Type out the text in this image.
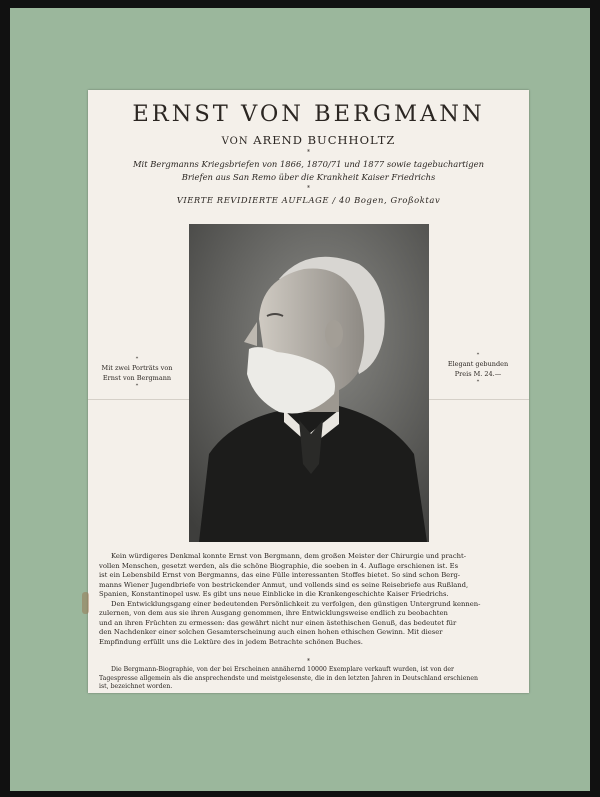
ERNST VON BERGMANN
VON AREND BUCHHOLTZ
*
Mit Bergmanns Kriegsbriefen von 1866, 1870/71 und 1877 sowie tagebuchartigen
Briefen aus San Remo über die Krankheit Kaiser Friedrichs
*
VIERTE REVIDIERTE AUFLAGE / 40 Bogen, Großoktav
*
Mit zwei Porträts von
Ernst von Bergmann
*
*
Elegant gebunden
Preis M. 24.—
*
Kein würdigeres Denkmal konnte Ernst von Bergmann, dem großen Meister der Chirurgie und pracht-
vollen Menschen, gesetzt werden, als die schöne Biographie, die soeben in 4. Auflage erschienen ist. Es
ist ein Lebensbild Ernst von Bergmanns, das eine Fülle interessanten Stoffes bietet. So sind schon Berg-
manns Wiener Jugendbriefe von bestrickender Anmut, und vollends sind es seine Reisebriefe aus Rußland,
Spanien, Konstantinopel usw. Es gibt uns neue Einblicke in die Krankengeschichte Kaiser Friedrichs.
Den Entwicklungsgang einer bedeutenden Persönlichkeit zu verfolgen, den günstigen Untergrund kennen-
zulernen, von dem aus sie ihren Ausgang genommen, ihre Entwicklungsweise endlich zu beobachten
und an ihren Früchten zu ermessen: das gewährt nicht nur einen ästethischen Genuß, das bedeutet für
den Nachdenker einer solchen Gesamterscheinung auch einen hohen ethischen Gewinn. Mit dieser
Empfindung erfüllt uns die Lektüre des in jedem Betrachte schönen Buches.
*
Die Bergmann-Biographie, von der bei Erscheinen annähernd 10000 Exemplare verkauft wurden, ist von der
Tagespresse allgemein als die ansprechendste und meistgelesenste, die in den letzten Jahren in Deutschland erschienen
ist, bezeichnet worden.
